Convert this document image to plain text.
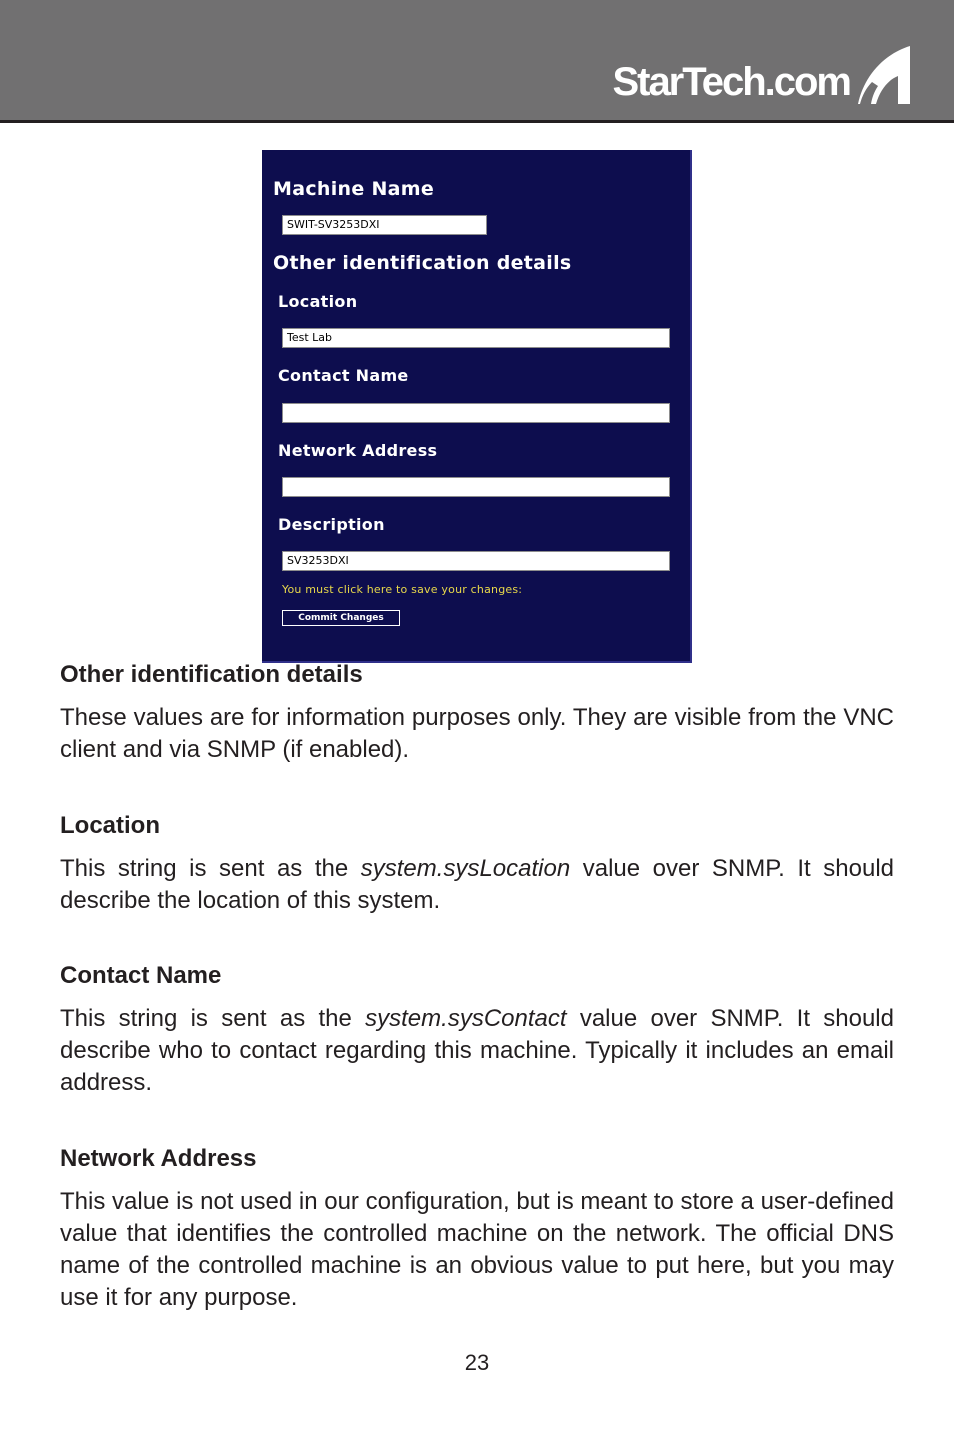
StarTech.com
Machine Name
SWIT-SV3253DXI
Other identification details
Location
Test Lab
Contact Name
Network Address
Description
SV3253DXI
You must click here to save your changes:
Commit Changes

Other identification details

These values are for information purposes only. They are visible from the VNC client and via SNMP (if enabled).

Location

This string is sent as the system.sysLocation value over SNMP. It should describe the location of this system.

Contact Name

This string is sent as the system.sysContact value over SNMP. It should describe who to contact regarding this machine. Typically it includes an email address.

Network Address

This value is not used in our configuration, but is meant to store a user-defined value that identifies the controlled machine on the network. The official DNS name of the controlled machine is an obvious value to put here, but you may use it for any purpose.

23
